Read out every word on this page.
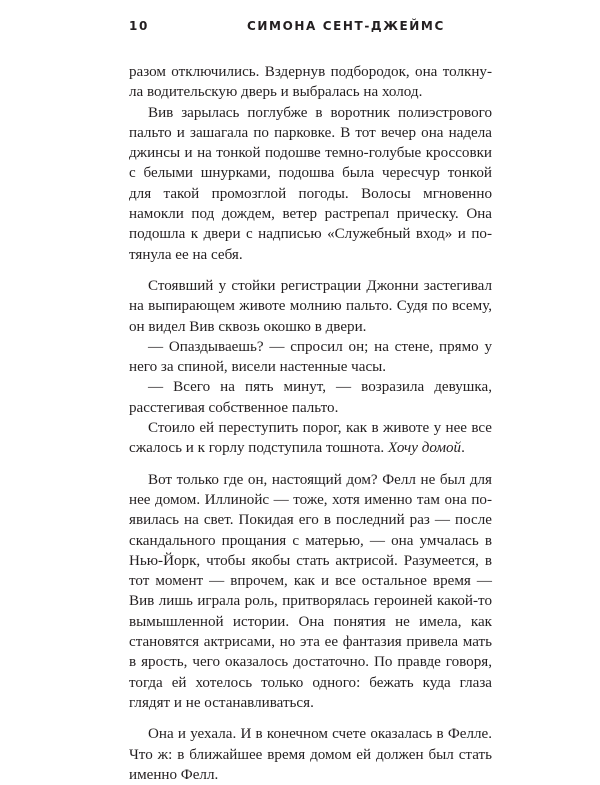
10	СИМОНА СЕНТ-ДЖЕЙМС

разом отключились. Вздернув подбородок, она толкнула водительскую дверь и выбралась на холод.

Вив зарылась поглубже в воротник полиэстрового пальто и зашагала по парковке. В тот вечер она надела джинсы и на тонкой подошве темно-голубые кроссовки с белыми шнурками, подошва была чересчур тонкой для такой промозглой погоды. Волосы мгновенно намокли под дождем, ветер растрепал прическу. Она подошла к двери с надписью «Служебный вход» и потянула ее на себя.

Стоявший у стойки регистрации Джонни застегивал на выпирающем животе молнию пальто. Судя по всему, он видел Вив сквозь окошко в двери.

— Опаздываешь? — спросил он; на стене, прямо у него за спиной, висели настенные часы.

— Всего на пять минут, — возразила девушка, расстегивая собственное пальто.

Стоило ей переступить порог, как в животе у нее все сжалось и к горлу подступила тошнота. Хочу домой.

Вот только где он, настоящий дом? Фелл не был для нее домом. Иллинойс — тоже, хотя именно там она появилась на свет. Покидая его в последний раз — после скандального прощания с матерью, — она умчалась в Нью-Йорк, чтобы якобы стать актрисой. Разумеется, в тот момент — впрочем, как и все остальное время — Вив лишь играла роль, притворялась героиней какой-то вымышленной истории. Она понятия не имела, как становятся актрисами, но эта ее фантазия привела мать в ярость, чего оказалось достаточно. По правде говоря, тогда ей хотелось только одного: бежать куда глаза глядят и не останавливаться.

Она и уехала. И в конечном счете оказалась в Фелле. Что ж: в ближайшее время домом ей должен был стать именно Фелл.
